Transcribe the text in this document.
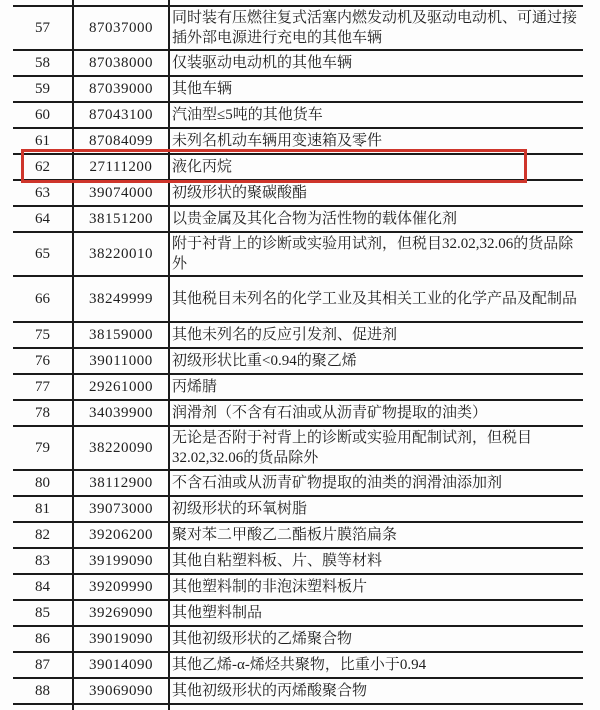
57	87037000	同时装有压燃往复式活塞内燃发动机及驱动电动机、可通过接插外部电源进行充电的其他车辆
58	87038000	仅装驱动电动机的其他车辆
59	87039000	其他车辆
60	87043100	汽油型≤5吨的其他货车
61	87084099	未列名机动车辆用变速箱及零件
62	27111200	液化丙烷
63	39074000	初级形状的聚碳酸酯
64	38151200	以贵金属及其化合物为活性物的载体催化剂
65	38220010	附于衬背上的诊断或实验用试剂，但税目32.02,32.06的货品除外
66	38249999	其他税目未列名的化学工业及其相关工业的化学产品及配制品
75	38159000	其他未列名的反应引发剂、促进剂
76	39011000	初级形状比重<0.94的聚乙烯
77	29261000	丙烯腈
78	34039900	润滑剂（不含有石油或从沥青矿物提取的油类）
79	38220090	无论是否附于衬背上的诊断或实验用配制试剂，但税目32.02,32.06的货品除外
80	38112900	不含石油或从沥青矿物提取的油类的润滑油添加剂
81	39073000	初级形状的环氧树脂
82	39206200	聚对苯二甲酸乙二酯板片膜箔扁条
83	39199090	其他自粘塑料板、片、膜等材料
84	39209990	其他塑料制的非泡沫塑料板片
85	39269090	其他塑料制品
86	39019090	其他初级形状的乙烯聚合物
87	39014090	其他乙烯-α-烯烃共聚物，比重小于0.94
88	39069090	其他初级形状的丙烯酸聚合物
